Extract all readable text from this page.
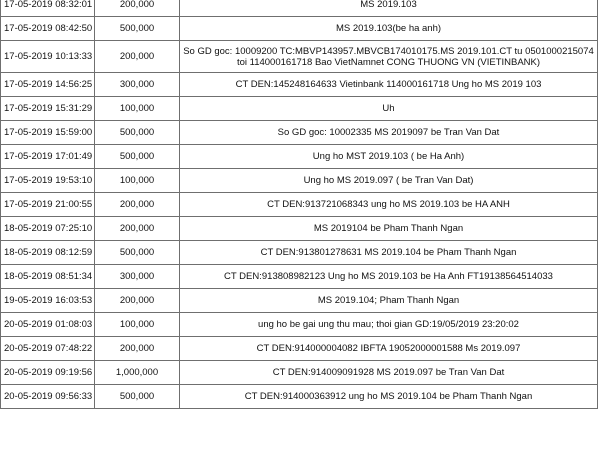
17-05-2019 08:32:01	200,000	MS 2019.103
17-05-2019 08:42:50	500,000	MS 2019.103(be ha anh)
17-05-2019 10:13:33	200,000	So GD goc: 10009200 TC:MBVP143957.MBVCB174010175.MS 2019.101.CT tu 0501000215074 toi 114000161718 Bao VietNamnet CONG THUONG VN (VIETINBANK)
17-05-2019 14:56:25	300,000	CT DEN:145248164633 Vietinbank 114000161718 Ung ho MS 2019 103
17-05-2019 15:31:29	100,000	Uh
17-05-2019 15:59:00	500,000	So GD goc: 10002335 MS 2019097 be Tran Van Dat
17-05-2019 17:01:49	500,000	Ung ho MST 2019.103 ( be Ha Anh)
17-05-2019 19:53:10	100,000	Ung ho MS 2019.097 ( be Tran Van Dat)
17-05-2019 21:00:55	200,000	CT DEN:913721068343 ung ho MS 2019.103 be HA ANH
18-05-2019 07:25:10	200,000	MS 2019104 be Pham Thanh Ngan
18-05-2019 08:12:59	500,000	CT DEN:913801278631 MS 2019.104 be Pham Thanh Ngan
18-05-2019 08:51:34	300,000	CT DEN:913808982123 Ung ho MS 2019.103 be Ha Anh FT19138564514033
19-05-2019 16:03:53	200,000	MS 2019.104; Pham Thanh Ngan
20-05-2019 01:08:03	100,000	ung ho be gai ung thu mau; thoi gian GD:19/05/2019 23:20:02
20-05-2019 07:48:22	200,000	CT DEN:914000004082 IBFTA 19052000001588 Ms 2019.097
20-05-2019 09:19:56	1,000,000	CT DEN:914009091928 MS 2019.097 be Tran Van Dat
20-05-2019 09:56:33	500,000	CT DEN:914000363912 ung ho MS 2019.104 be Pham Thanh Ngan
